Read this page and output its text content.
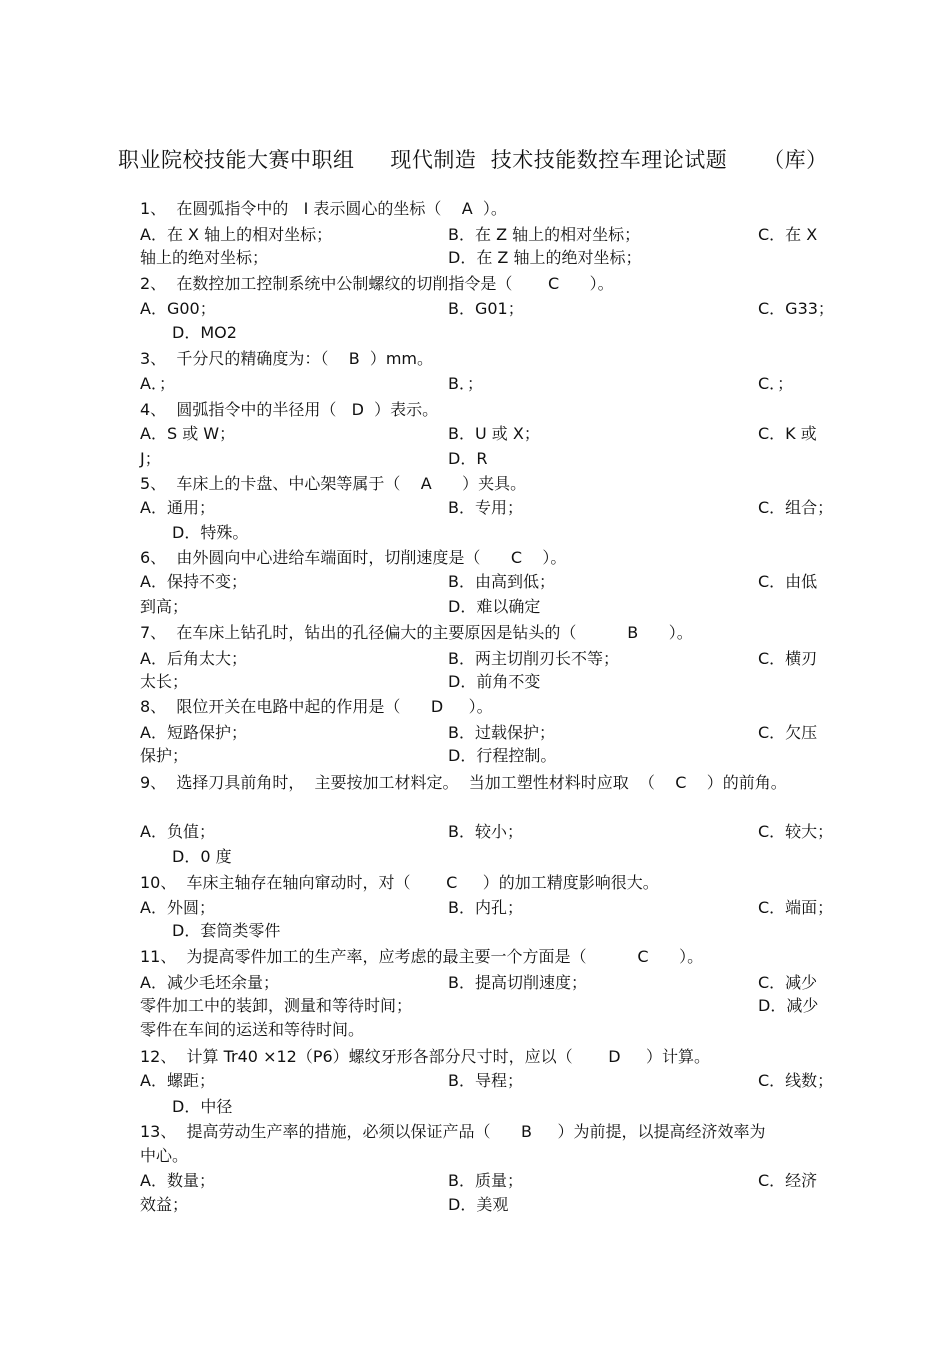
职业院校技能大赛中职组     现代制造  技术技能数控车理论试题     （库）
1、  在圆弧指令中的   I 表示圆心的坐标（    A  ）。
A．在 X 轴上的相对坐标；	B．在 Z 轴上的相对坐标；	C．在 X
轴上的绝对坐标；	D．在 Z 轴上的绝对坐标；
2、  在数控加工控制系统中公制螺纹的切削指令是（       C      ）。
A．G00；	B．G01；	C．G33；
D．MO2
3、  千分尺的精确度为：（    B  ）mm。
A．；	B．；	C．；
4、  圆弧指令中的半径用（   D  ）表示。
A．S 或 W；	B．U 或 X；	C．K 或
J；	D．R
5、  车床上的卡盘、中心架等属于（    A      ）夹具。
A．通用；	B．专用；	C．组合；
D．特殊。
6、  由外圆向中心进给车端面时，切削速度是（      C    ）。
A．保持不变；	B．由高到低；	C．由低
到高；	D．难以确定
7、  在车床上钻孔时，钻出的孔径偏大的主要原因是钻头的（          B      ）。
A．后角太大；	B．两主切削刃长不等；	C．横刃
太长；	D．前角不变
8、  限位开关在电路中起的作用是（      D     ）。
A．短路保护；	B．过载保护；	C．欠压
保护；	D．行程控制。
9、  选择刀具前角时，  主要按加工材料定。  当加工塑性材料时应取  （    C    ）的前角。
A．负值；	B．较小；	C．较大；
D．0 度
10、  车床主轴存在轴向窜动时，对（       C     ）的加工精度影响很大。
A．外圆；	B．内孔；	C．端面；
D．套筒类零件
11、  为提高零件加工的生产率，应考虑的最主要一个方面是（          C      ）。
A．减少毛坯余量；	B．提高切削速度；	C．减少
零件加工中的装卸，测量和等待时间；	D．减少
零件在车间的运送和等待时间。
12、  计算 Tr40 ×12（P6）螺纹牙形各部分尺寸时，应以（       D     ）计算。
A．螺距；	B．导程；	C．线数；
D．中径
13、  提高劳动生产率的措施，必须以保证产品（      B     ）为前提，以提高经济效率为
中心。
A．数量；	B．质量；	C．经济
效益；	D．美观
